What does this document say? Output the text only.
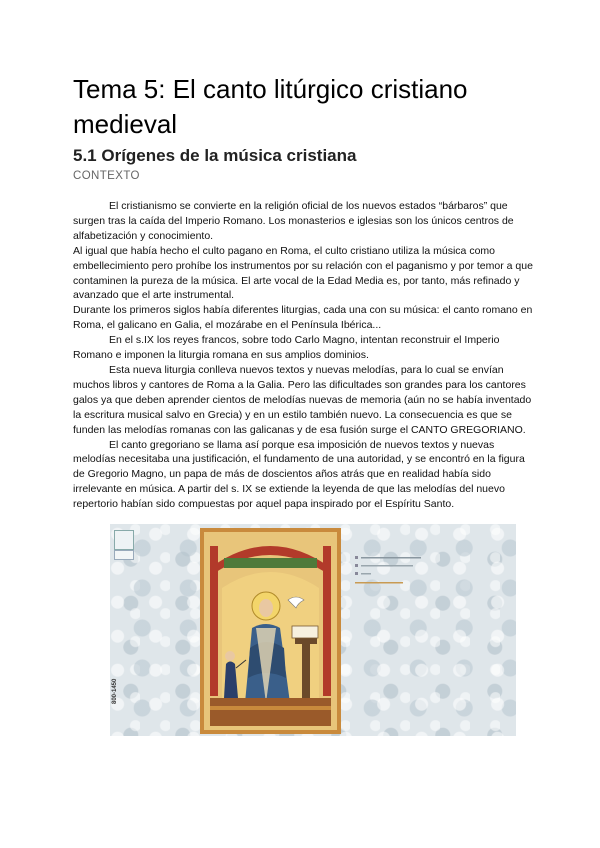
Tema 5: El canto litúrgico cristiano medieval
5.1 Orígenes de la música cristiana
CONTEXTO

El cristianismo se convierte en la religión oficial de los nuevos estados “bárbaros” que surgen tras la caída del Imperio Romano. Los monasterios e iglesias son los únicos centros de alfabetización y conocimiento.

Al igual que había hecho el culto pagano en Roma, el culto cristiano utiliza la música como embellecimiento pero prohíbe los instrumentos por su relación con el paganismo y por temor a que contaminen la pureza de la música. El arte vocal de la Edad Media es, por tanto, más refinado y avanzado que el arte instrumental.

Durante los primeros siglos había diferentes liturgias, cada una con su música: el canto romano en Roma, el galicano en Galia, el mozárabe en el Península Ibérica...

En el s.IX los reyes francos, sobre todo Carlo Magno, intentan reconstruir el Imperio Romano e imponen la liturgia romana en sus amplios dominios.

Esta nueva liturgia conlleva nuevos textos y nuevas melodías, para lo cual se envían muchos libros y cantores de Roma a la Galia. Pero las dificultades son grandes para los cantores galos ya que deben aprender cientos de melodías nuevas de memoria (aún no se había inventado la escritura musical salvo en Grecia) y en un estilo también nuevo. La consecuencia es que se funden las melodías romanas con las galicanas y de esa fusión surge el CANTO GREGORIANO.

El canto gregoriano se llama así porque esa imposición de nuevos textos y nuevas melodías necesitaba una justificación, el fundamento de una autoridad, y se encontró en la figura de Gregorio Magno, un papa de más de doscientos años atrás que en realidad había sido irrelevante en música. A partir del s. IX se extiende la leyenda de que las melodías del nuevo repertorio habían sido compuestas por aquel papa inspirado por el Espíritu Santo.

800-1450
